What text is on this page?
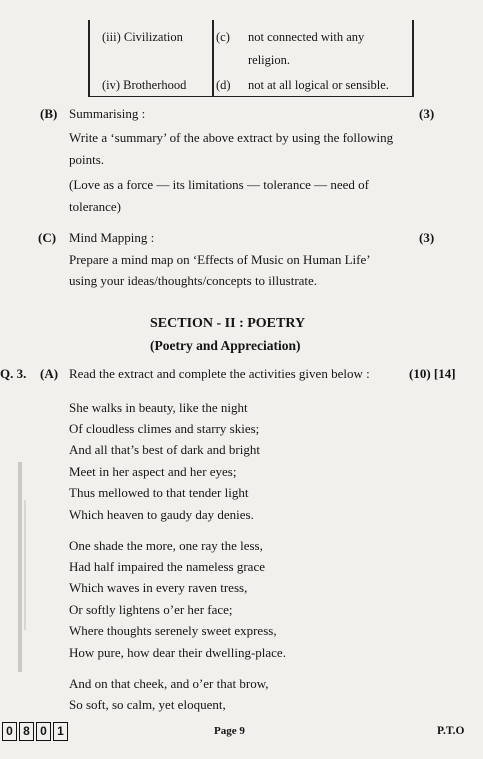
(iii) Civilization	(c) not connected with any
religion.
(iv) Brotherhood (d) not at all logical or sensible.
(B) Summarising :	(3)
Write a ‘summary’ of the above extract by using the following
points.
(Love as a force — its limitations — tolerance — need of
tolerance)
(C) Mind Mapping :	(3)
Prepare a mind map on ‘Effects of Music on Human Life’
using your ideas/thoughts/concepts to illustrate.
SECTION - II : POETRY
(Poetry and Appreciation)
Q. 3. (A) Read the extract and complete the activities given below :	(10) [14]
She walks in beauty, like the night
Of cloudless climes and starry skies;
And all that’s best of dark and bright
Meet in her aspect and her eyes;
Thus mellowed to that tender light
Which heaven to gaudy day denies.
One shade the more, one ray the less,
Had half impaired the nameless grace
Which waves in every raven tress,
Or softly lightens o’er her face;
Where thoughts serenely sweet express,
How pure, how dear their dwelling-place.
And on that cheek, and o’er that brow,
So soft, so calm, yet eloquent,
0 8 0 1	Page 9	P.T.O
